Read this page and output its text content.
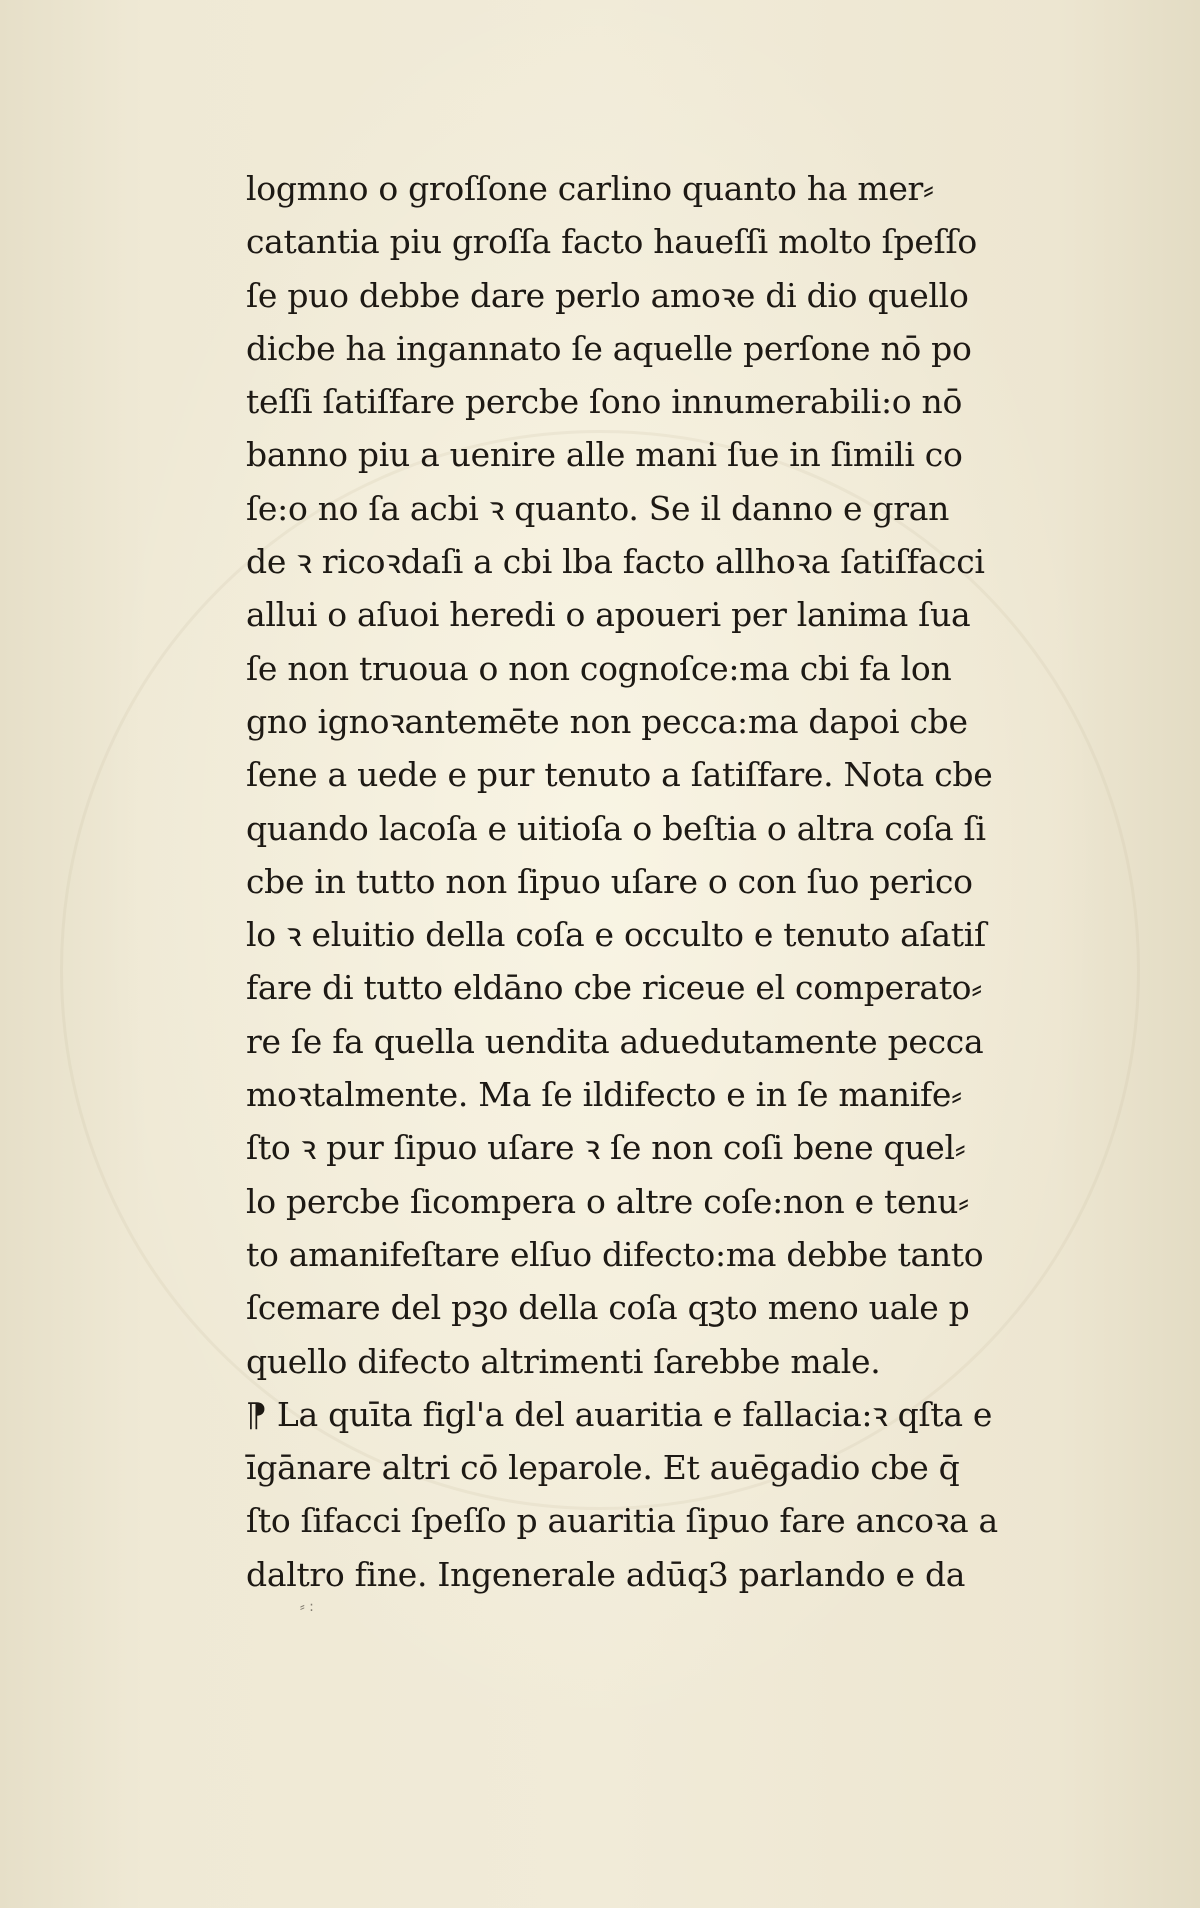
logmno o groſſone carlino quanto ha mer⸗
catantia piu groſſa facto haueſſi molto ſpeſſo
ſe puo debbe dare perlo amoꝛe di dio quello
dicbe ha ingannato ſe aquelle perſone nō po
teſſi ſatiſfare percbe ſono innumerabili:o nō
banno piu a uenire alle mani ſue in ſimili co
ſe:o no ſa acbi ꝛ quanto. Se il danno e gran
de ꝛ ricoꝛdaſi a cbi lba facto allhoꝛa ſatiſfacci
allui o aſuoi heredi o apoueri per lanima ſua
ſe non truoua o non cognoſce:ma cbi fa lon
gno ignoꝛantemēte non pecca:ma dapoi cbe
ſene a uede e pur tenuto a ſatiſfare. Nota cbe
quando lacoſa e uitioſa o beſtia o altra coſa ſi
cbe in tutto non ſipuo uſare o con ſuo perico
lo ꝛ eluitio della coſa e occulto e tenuto aſatiſ
fare di tutto eldāno cbe riceue el comperato⸗
re ſe fa quella uendita aduedutamente pecca
moꝛtalmente. Ma ſe ildifecto e in ſe manife⸗
ſto ꝛ pur ſipuo uſare ꝛ ſe non coſi bene quel⸗
lo percbe ſicompera o altre coſe:non e tenu⸗
to amanifeſtare elſuo difecto:ma debbe tanto
ſcemare del pꝫo della coſa qꝫto meno uale p
quello difecto altrimenti ſarebbe male.
⁋ La quīta figl'a del auaritia e fallacia:ꝛ qſta e
īgānare altri cō leparole. Et auēgadio cbe q̄
ſto ſifacci ſpeſſo p auaritia ſipuo fare ancoꝛa a
daltro fine. Ingenerale adūq3 parlando e da
⸗ :
